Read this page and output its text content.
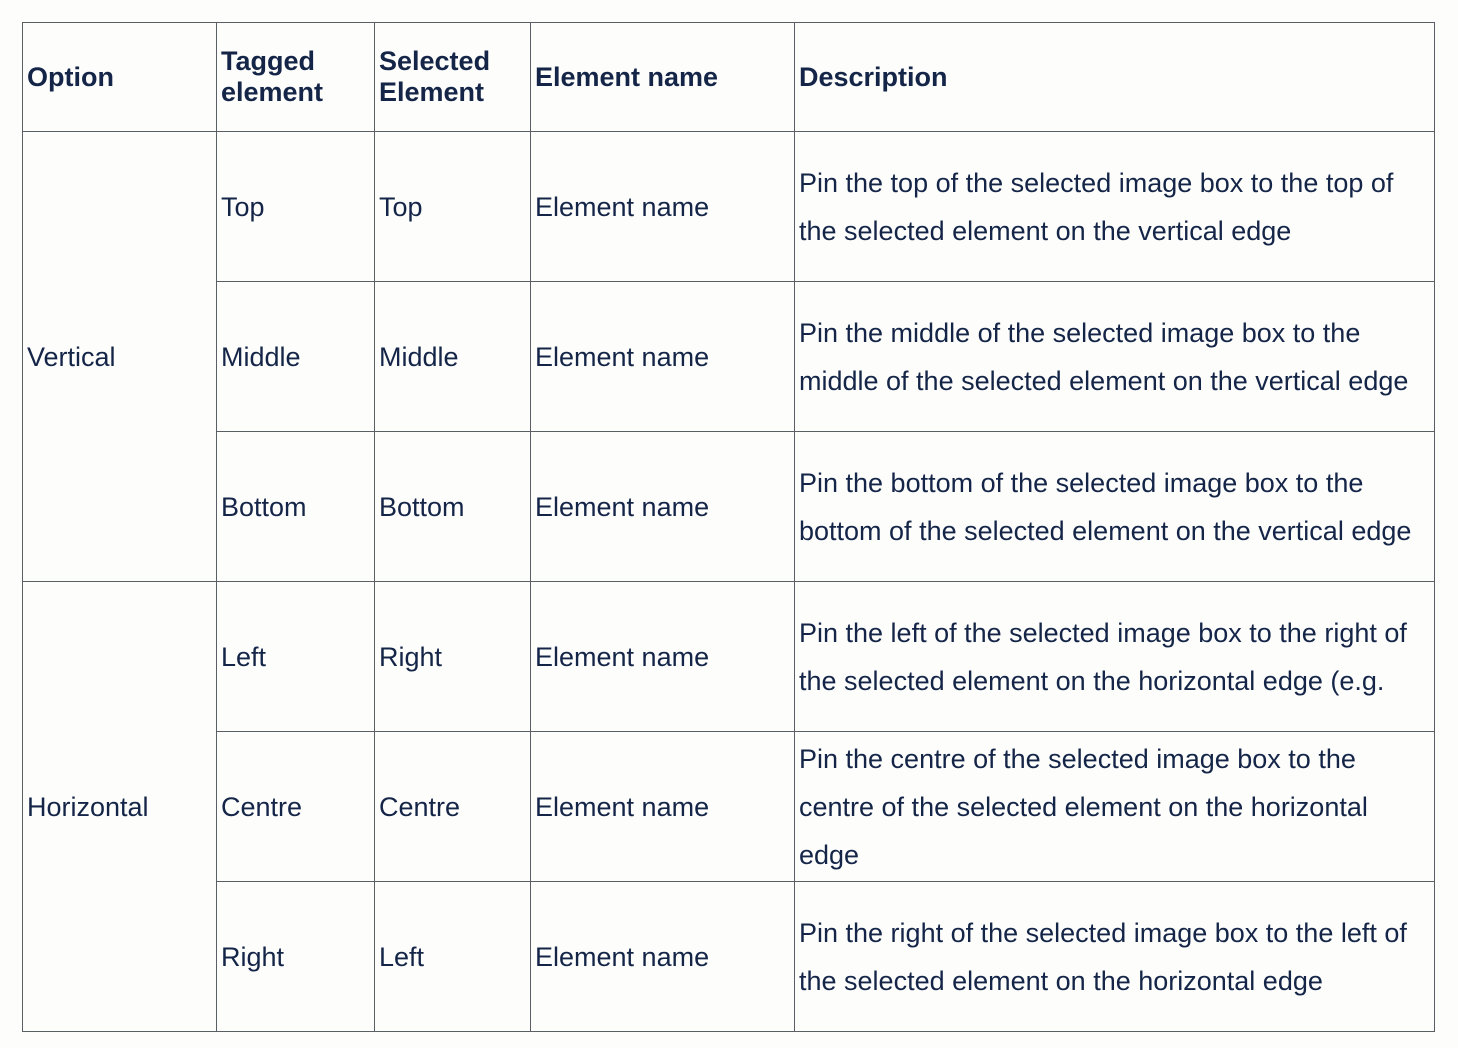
Option	Tagged element	Selected Element	Element name	Description
Vertical	Top	Top	Element name	Pin the top of the selected image box to the top of the selected element on the vertical edge
	Middle	Middle	Element name	Pin the middle of the selected image box to the middle of the selected element on the vertical edge
	Bottom	Bottom	Element name	Pin the bottom of the selected image box to the bottom of the selected element on the vertical edge
Horizontal	Left	Right	Element name	Pin the left of the selected image box to the right of the selected element on the horizontal edge (e.g.
	Centre	Centre	Element name	Pin the centre of the selected image box to the centre of the selected element on the horizontal edge
	Right	Left	Element name	Pin the right of the selected image box to the left of the selected element on the horizontal edge
